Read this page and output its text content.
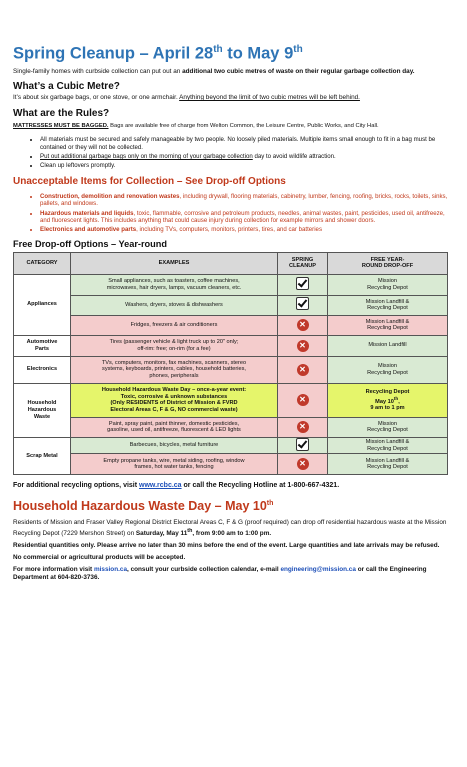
Spring Cleanup – April 28th to May 9th

Single-family homes with curbside collection can put out an additional two cubic metres of waste on their regular garbage collection day.

What’s a Cubic Metre?

It’s about six garbage bags, or one stove, or one armchair. Anything beyond the limit of two cubic metres will be left behind.

What are the Rules?

MATTRESSES MUST BE BAGGED. Bags are available free of charge from Welton Common, the Leisure Centre, Public Works, and City Hall.

• All materials must be secured and safely manageable by two people. No loosely piled materials. Multiple items small enough to fit in a bag must be contained or they will not be collected.
• Put out additional garbage bags only on the morning of your garbage collection day to avoid wildlife attraction.
• Clean up leftovers promptly.
Unacceptable Items for Collection – See Drop-off Options
• Construction, demolition and renovation wastes, including drywall, flooring materials, cabinetry, lumber, fencing, roofing, bricks, rocks, toilets, sinks, pallets, and windows.
• Hazardous materials and liquids, toxic, flammable, corrosive and petroleum products, needles, animal wastes, paint, pesticides, used oil, antifreeze, and fluorescent lights. This includes anything that could cause injury during collection for example mirrors and shower doors.
• Electronics and automotive parts, including TVs, computers, monitors, printers, tires, and car batteries
Free Drop-off Options – Year-round
CATEGORY	EXAMPLES	SPRING
CLEANUP	FREE YEAR-
ROUND DROP-OFF
Appliances	Small appliances, such as toasters, coffee machines,
microwaves, hair dryers, lamps, vacuum cleaners, etc.		Mission
Recycling Depot
	Washers, dryers, stoves & dishwashers		Mission Landfill &
Recycling Depot
	Fridges, freezers & air conditioners	✕	Mission Landfill &
Recycling Depot
Automotive
Parts	Tires (passenger vehicle & light truck up to 20" only;
off-rim: free; on-rim (for a fee)	✕	Mission Landfill
Electronics	TVs, computers, monitors, fax machines, scanners, stereo
systems, keyboards, printers, cables, household batteries,
phones, peripherals	✕	Mission
Recycling Depot
Household
Hazardous
Waste	Household Hazardous Waste Day – once-a-year event:
Toxic, corrosive & unknown substances
(Only RESIDENTS of District of Mission & FVRD
Electoral Areas C, F & G, NO commercial waste)	✕	Recycling Depot
May 10th,
9 am to 1 pm
	Paint, spray paint, paint thinner, domestic pesticides,
gasoline, used oil, antifreeze, fluorescent & LED lights	✕	Mission
Recycling Depot
Scrap Metal	Barbecues, bicycles, metal furniture		Mission Landfill &
Recycling Depot
	Empty propane tanks, wire, metal siding, roofing, window
frames, hot water tanks, fencing	✕	Mission Landfill &
Recycling Depot

For additional recycling options, visit www.rcbc.ca or call the Recycling Hotline at 1-800-667-4321.

Household Hazardous Waste Day – May 10th

Residents of Mission and Fraser Valley Regional District Electoral Areas C, F & G (proof required) can drop off residential hazardous waste at the Mission Recycling Depot (7229 Mershon Street) on Saturday, May 11th, from 9:00 am to 1:00 pm.

Residential quantities only. Please arrive no later than 30 mins before the end of the event. Large quantities and late arrivals may be refused.

No commercial or agricultural products will be accepted.

For more information visit mission.ca, consult your curbside collection calendar, e-mail engineering@mission.ca or call the Engineering Department at 604-820-3736.
